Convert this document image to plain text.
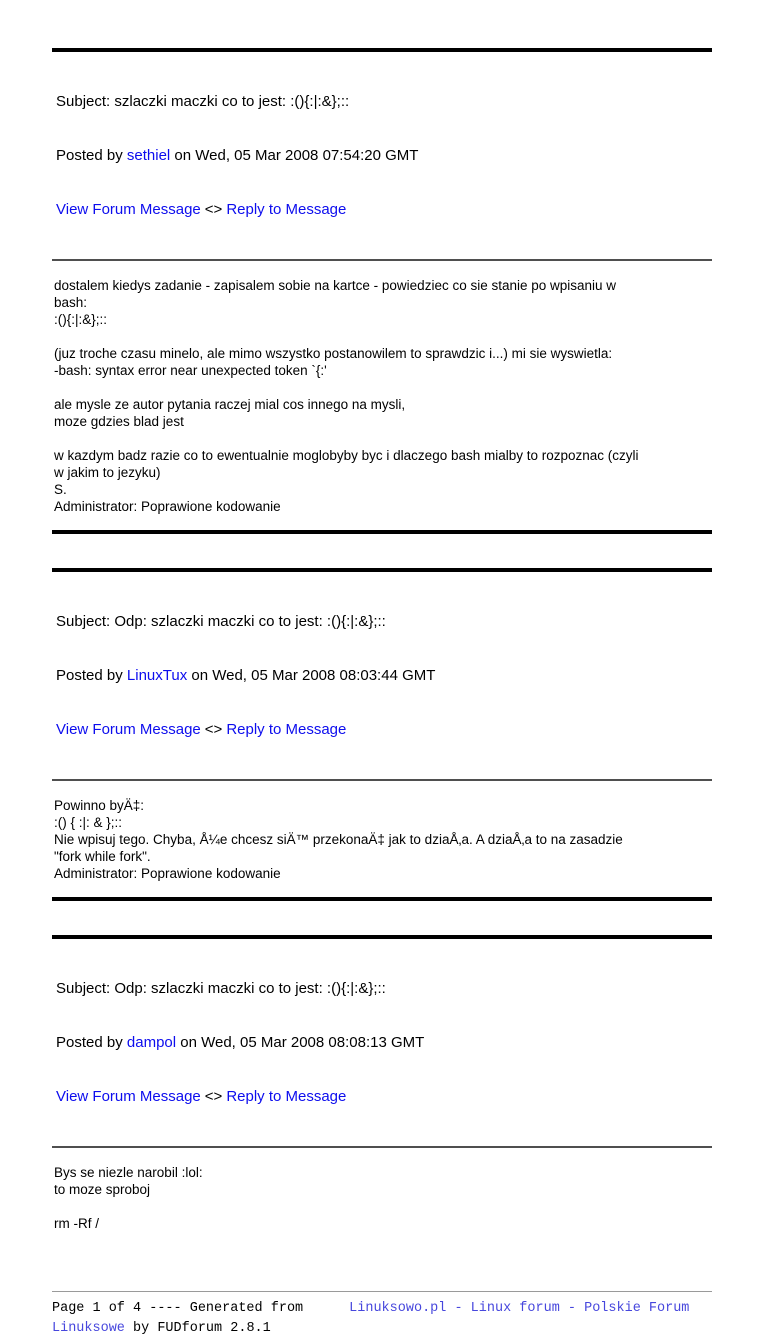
Subject: szlaczki maczki co to jest: :(){:|:&};::

Posted by sethiel on Wed, 05 Mar 2008 07:54:20 GMT

View Forum Message <> Reply to Message

dostalem kiedys zadanie - zapisalem sobie na kartce - powiedziec co sie stanie po wpisaniu w
bash:
:(){:|:&};::
(juz troche czasu minelo, ale mimo wszystko postanowilem to sprawdzic i...) mi sie wyswietla:
-bash: syntax error near unexpected token `{:'
ale mysle ze autor pytania raczej mial cos innego na mysli,
moze gdzies blad jest
w kazdym badz razie co to ewentualnie moglobyby byc i dlaczego bash mialby to rozpoznac (czyli
w jakim to jezyku)
S.
Administrator: Poprawione kodowanie

Subject: Odp: szlaczki maczki co to jest: :(){:|:&};::

Posted by LinuxTux on Wed, 05 Mar 2008 08:03:44 GMT

View Forum Message <> Reply to Message

Powinno byÄ‡:
:() { :|: & };::
Nie wpisuj tego. Chyba, Å¼e chcesz siÄ™ przekonaÄ‡ jak to dziaÅ‚a. A dziaÅ‚a to na zasadzie
"fork while fork".
Administrator: Poprawione kodowanie

Subject: Odp: szlaczki maczki co to jest: :(){:|:&};::

Posted by dampol on Wed, 05 Mar 2008 08:08:13 GMT

View Forum Message <> Reply to Message

Bys se niezle narobil :lol:
to moze sproboj
rm -Rf /
Page 1 of 4 ---- Generated from	Linuksowo.pl - Linux forum - Polskie Forum
Linuksowe by FUDforum 2.8.1
